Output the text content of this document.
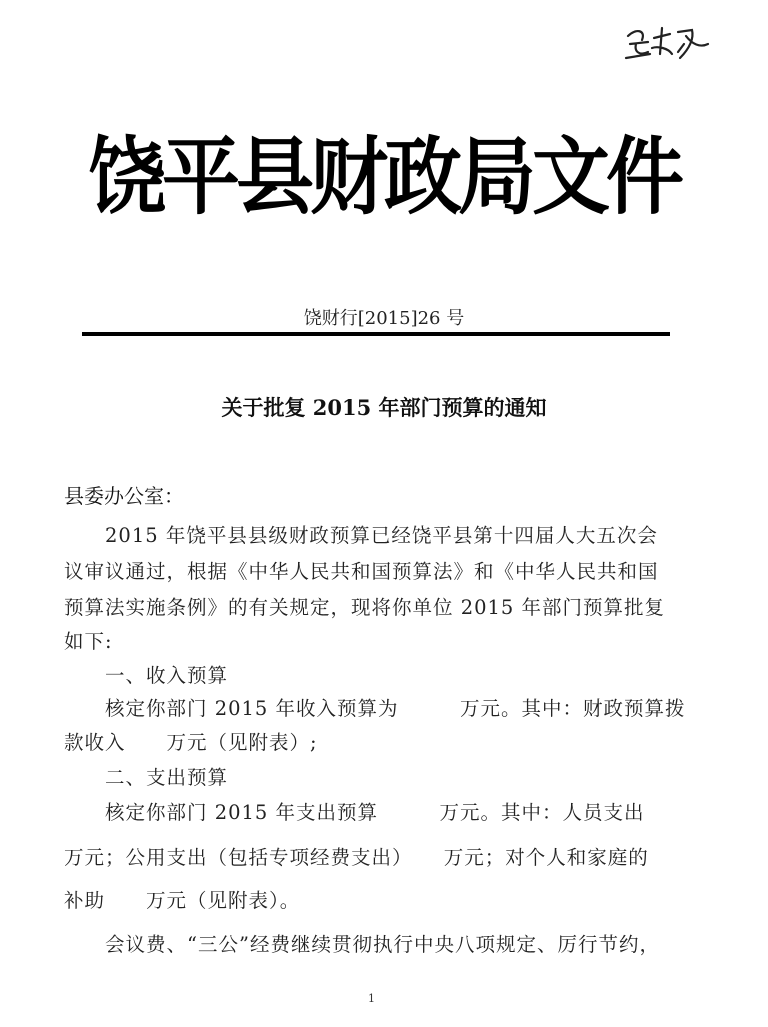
饶平县财政局文件
饶财行[2015]26 号
关于批复 2015 年部门预算的通知
县委办公室：
　　2015 年饶平县县级财政预算已经饶平县第十四届人大五次会
议审议通过，根据《中华人民共和国预算法》和《中华人民共和国
预算法实施条例》的有关规定，现将你单位 2015 年部门预算批复
如下:
　　一、收入预算
　　核定你部门 2015 年收入预算为　　　万元。其中：财政预算拨
款收入　　万元（见附表）;
　　二、支出预算
　　核定你部门 2015 年支出预算　　　万元。其中：人员支出
万元；公用支出（包括专项经费支出）　　万元；对个人和家庭的
补助　　万元（见附表）。
　　会议费、“三公”经费继续贯彻执行中央八项规定、厉行节约，
1
